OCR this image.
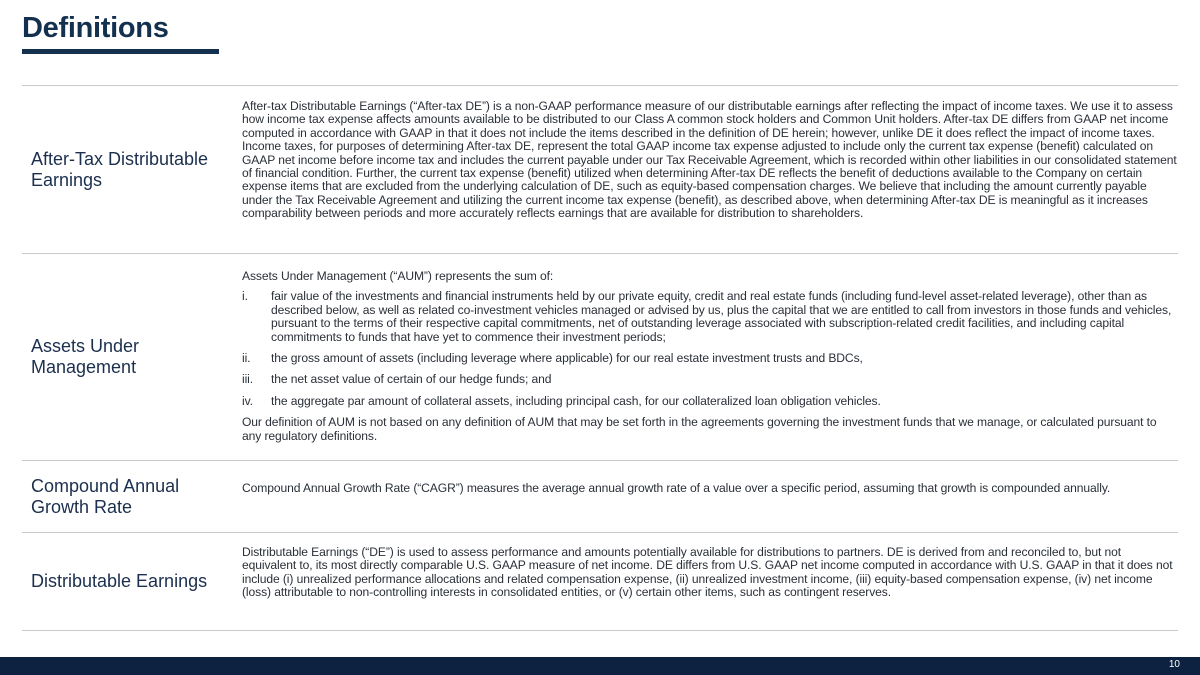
Definitions
After-Tax Distributable Earnings

After-tax Distributable Earnings (“After-tax DE”) is a non-GAAP performance measure of our distributable earnings after reflecting the impact of income taxes. We use it to assess how income tax expense affects amounts available to be distributed to our Class A common stock holders and Common Unit holders. After-tax DE differs from GAAP net income computed in accordance with GAAP in that it does not include the items described in the definition of DE herein; however, unlike DE it does reflect the impact of income taxes. Income taxes, for purposes of determining After-tax DE, represent the total GAAP income tax expense adjusted to include only the current tax expense (benefit) calculated on GAAP net income before income tax and includes the current payable under our Tax Receivable Agreement, which is recorded within other liabilities in our consolidated statement of financial condition. Further, the current tax expense (benefit) utilized when determining After-tax DE reflects the benefit of deductions available to the Company on certain expense items that are excluded from the underlying calculation of DE, such as equity-based compensation charges. We believe that including the amount currently payable under the Tax Receivable Agreement and utilizing the current income tax expense (benefit), as described above, when determining After-tax DE is meaningful as it increases comparability between periods and more accurately reflects earnings that are available for distribution to shareholders.

Assets Under Management

Assets Under Management (“AUM”) represents the sum of:

i. fair value of the investments and financial instruments held by our private equity, credit and real estate funds (including fund-level asset-related leverage), other than as described below, as well as related co-investment vehicles managed or advised by us, plus the capital that we are entitled to call from investors in those funds and vehicles, pursuant to the terms of their respective capital commitments, net of outstanding leverage associated with subscription-related credit facilities, and including capital commitments to funds that have yet to commence their investment periods;
ii. the gross amount of assets (including leverage where applicable) for our real estate investment trusts and BDCs,
iii. the net asset value of certain of our hedge funds; and
iv. the aggregate par amount of collateral assets, including principal cash, for our collateralized loan obligation vehicles.

Our definition of AUM is not based on any definition of AUM that may be set forth in the agreements governing the investment funds that we manage, or calculated pursuant to any regulatory definitions.

Compound Annual Growth Rate

Compound Annual Growth Rate (“CAGR”) measures the average annual growth rate of a value over a specific period, assuming that growth is compounded annually.

Distributable Earnings

Distributable Earnings (“DE”) is used to assess performance and amounts potentially available for distributions to partners. DE is derived from and reconciled to, but not equivalent to, its most directly comparable U.S. GAAP measure of net income. DE differs from U.S. GAAP net income computed in accordance with U.S. GAAP in that it does not include (i) unrealized performance allocations and related compensation expense, (ii) unrealized investment income, (iii) equity-based compensation expense, (iv) net income (loss) attributable to non-controlling interests in consolidated entities, or (v) certain other items, such as contingent reserves.

10
